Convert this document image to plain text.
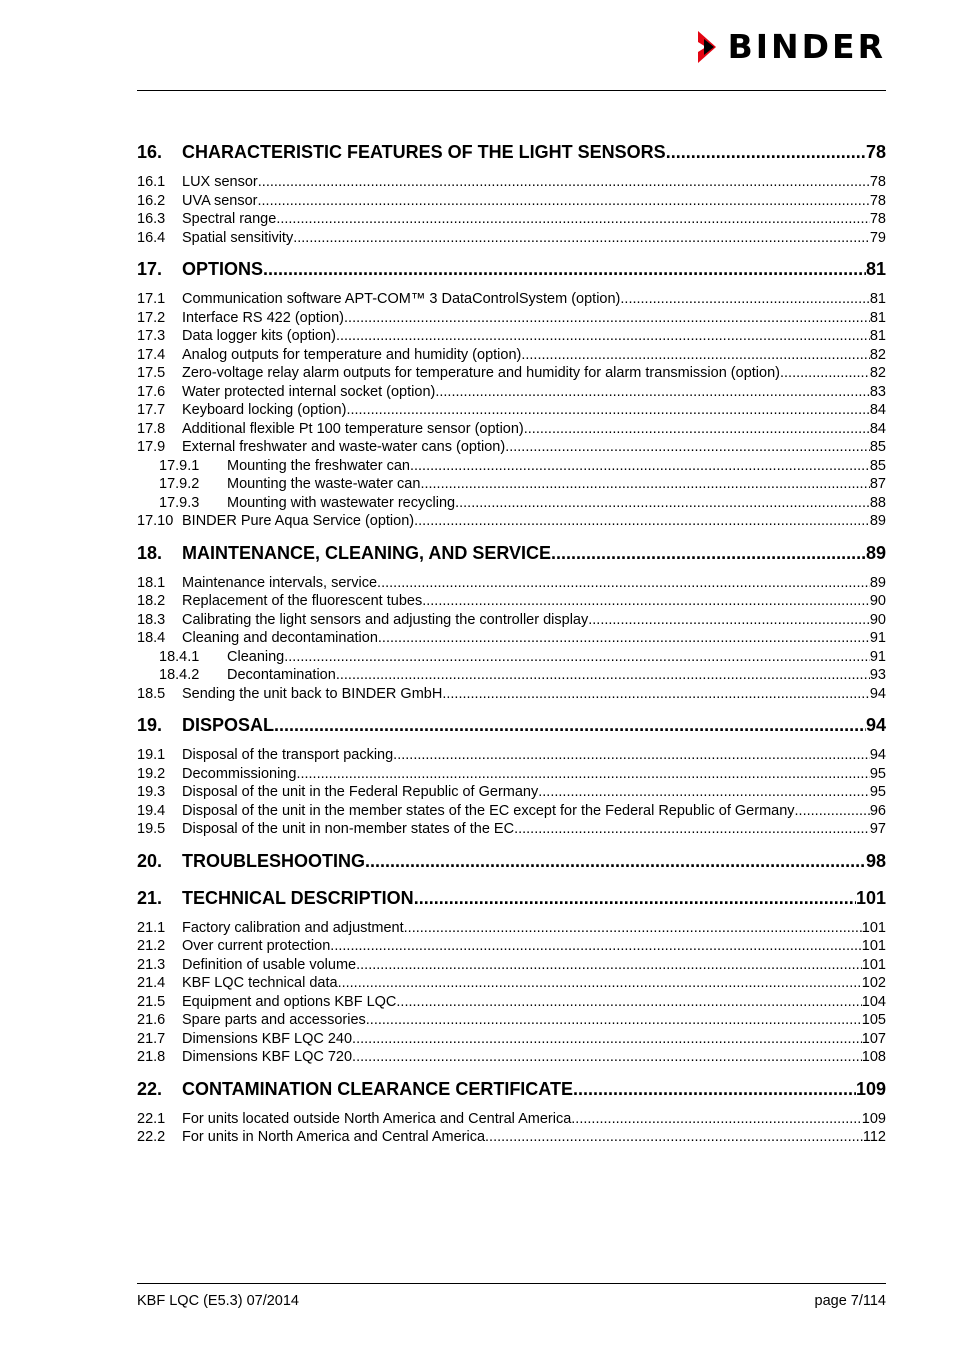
BINDER
16.	CHARACTERISTIC FEATURES OF THE LIGHT SENSORS .....	78
16.1	LUX sensor .....	78
16.2	UVA sensor .....	78
16.3	Spectral range .....	78
16.4	Spatial sensitivity .....	79
17.	OPTIONS .....	81
17.1	Communication software APT-COM™ 3 DataControlSystem (option) .....	81
17.2	Interface RS 422 (option) .....	81
17.3	Data logger kits (option) .....	81
17.4	Analog outputs for temperature and humidity (option) .....	82
17.5	Zero-voltage relay alarm outputs for temperature and humidity for alarm transmission (option) .....	82
17.6	Water protected internal socket (option) .....	83
17.7	Keyboard locking (option) .....	84
17.8	Additional flexible Pt 100 temperature sensor (option) .....	84
17.9	External freshwater and waste-water cans (option) .....	85
17.9.1	Mounting the freshwater can .....	85
17.9.2	Mounting the waste-water can .....	87
17.9.3	Mounting with wastewater recycling .....	88
17.10 BINDER Pure Aqua Service (option) .....	89
18.	MAINTENANCE, CLEANING, AND SERVICE .....	89
18.1	Maintenance intervals, service .....	89
18.2	Replacement of the fluorescent tubes .....	90
18.3	Calibrating the light sensors and adjusting the controller display .....	90
18.4	Cleaning and decontamination .....	91
18.4.1	Cleaning .....	91
18.4.2	Decontamination .....	93
18.5	Sending the unit back to BINDER GmbH .....	94
19.	DISPOSAL .....	94
19.1	Disposal of the transport packing .....	94
19.2	Decommissioning .....	95
19.3	Disposal of the unit in the Federal Republic of Germany .....	95
19.4	Disposal of the unit in the member states of the EC except for the Federal Republic of Germany .....	96
19.5	Disposal of the unit in non-member states of the EC .....	97
20.	TROUBLESHOOTING .....	98
21.	TECHNICAL DESCRIPTION .....	101
21.1	Factory calibration and adjustment .....	101
21.2	Over current protection .....	101
21.3	Definition of usable volume .....	101
21.4	KBF LQC technical data .....	102
21.5	Equipment and options KBF LQC .....	104
21.6	Spare parts and accessories .....	105
21.7	Dimensions KBF LQC 240 .....	107
21.8	Dimensions KBF LQC 720 .....	108
22.	CONTAMINATION CLEARANCE CERTIFICATE .....	109
22.1	For units located outside North America and Central America .....	109
22.2	For units in North America and Central America .....	112
KBF LQC (E5.3) 07/2014	page 7/114
